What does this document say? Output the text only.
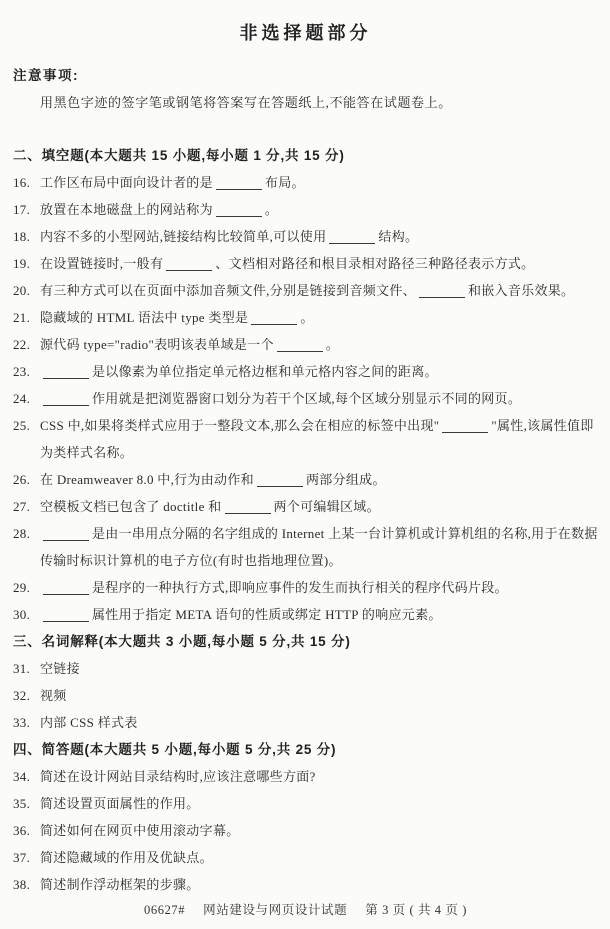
非选择题部分
注意事项:
用黑色字迹的签字笔或钢笔将答案写在答题纸上,不能答在试题卷上。
二、填空题(本大题共 15 小题,每小题 1 分,共 15 分)
16. 工作区布局中面向设计者的是	布局。
17. 放置在本地磁盘上的网站称为	。
18. 内容不多的小型网站,链接结构比较简单,可以使用	结构。
19. 在设置链接时,一般有	、文档相对路径和根目录相对路径三种路径表示方式。
20. 有三种方式可以在页面中添加音频文件,分别是链接到音频文件、	和嵌入音乐效果。
21. 隐藏域的 HTML 语法中 type 类型是	。
22. 源代码 type="radio"表明该表单域是一个	。
23.	是以像素为单位指定单元格边框和单元格内容之间的距离。
24.	作用就是把浏览器窗口划分为若干个区域,每个区域分别显示不同的网页。
25. CSS 中,如果将类样式应用于一整段文本,那么会在相应的标签中出现"	"属性,该属性值即为类样式名称。
26. 在 Dreamweaver 8.0 中,行为由动作和	两部分组成。
27. 空模板文档已包含了 doctitle 和	两个可编辑区域。
28.	是由一串用点分隔的名字组成的 Internet 上某一台计算机或计算机组的名称,用于在数据传输时标识计算机的电子方位(有时也指地理位置)。
29.	是程序的一种执行方式,即响应事件的发生而执行相关的程序代码片段。
30.	属性用于指定 META 语句的性质或绑定 HTTP 的响应元素。
三、名词解释(本大题共 3 小题,每小题 5 分,共 15 分)
31. 空链接
32. 视频
33. 内部 CSS 样式表
四、简答题(本大题共 5 小题,每小题 5 分,共 25 分)
34. 简述在设计网站目录结构时,应该注意哪些方面?
35. 简述设置页面属性的作用。
36. 简述如何在网页中使用滚动字幕。
37. 简述隐藏域的作用及优缺点。
38. 简述制作浮动框架的步骤。
06627# 网站建设与网页设计试题 第 3 页 ( 共 4 页 )
